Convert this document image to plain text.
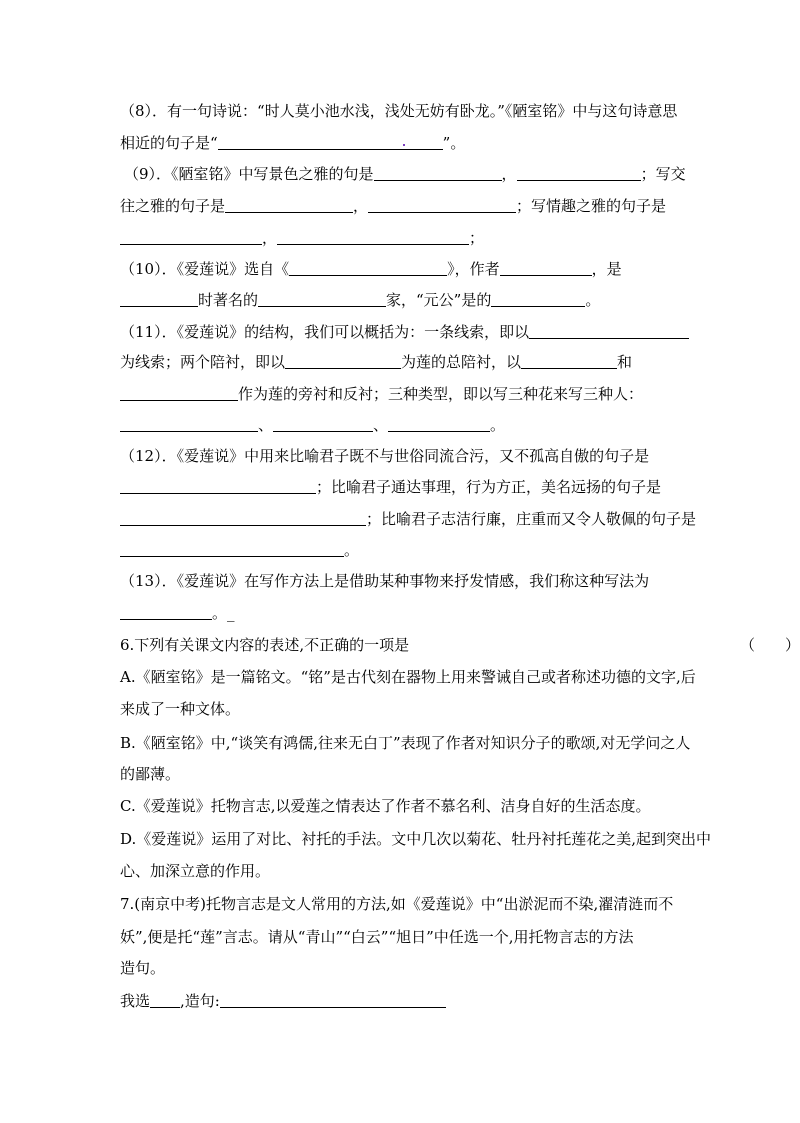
（8）．有一句诗说：“时人莫小池水浅，浅处无妨有卧龙。”《陋室铭》中与这句诗意思
相近的句子是“	”。
（9）．《陋室铭》中写景色之雅的句是	，	；写交
往之雅的句子是	，	；写情趣之雅的句子是
，	；
（10）．《爱莲说》选自《	》，作者	，是
时著名的	家，“元公”是的	。
（11）．《爱莲说》的结构，我们可以概括为：一条线索，即以
为线索；两个陪衬，即以	为莲的总陪衬，以	和
作为莲的旁衬和反衬；三种类型，即以写三种花来写三种人：
、	、	。
（12）．《爱莲说》中用来比喻君子既不与世俗同流合污，又不孤高自傲的句子是
；比喻君子通达事理，行为方正，美名远扬的句子是
；比喻君子志洁行廉，庄重而又令人敬佩的句子是
。
（13）．《爱莲说》在写作方法上是借助某种事物来抒发情感，我们称这种写法为
。_
6.下列有关课文内容的表述,不正确的一项是	（　　）
A.《陋室铭》是一篇铭文。“铭”是古代刻在器物上用来警诫自己或者称述功德的文字,后
来成了一种文体。
B.《陋室铭》中,“谈笑有鸿儒,往来无白丁”表现了作者对知识分子的歌颂,对无学问之人
的鄙薄。
C.《爱莲说》托物言志,以爱莲之情表达了作者不慕名利、洁身自好的生活态度。
D.《爱莲说》运用了对比、衬托的手法。文中几次以菊花、牡丹衬托莲花之美,起到突出中
心、加深立意的作用。
7.(南京中考)托物言志是文人常用的方法,如《爱莲说》中“出淤泥而不染,濯清涟而不
妖”,便是托“莲”言志。请从“青山”“白云”“旭日”中任选一个,用托物言志的方法
造句。
我选 ,造句:
